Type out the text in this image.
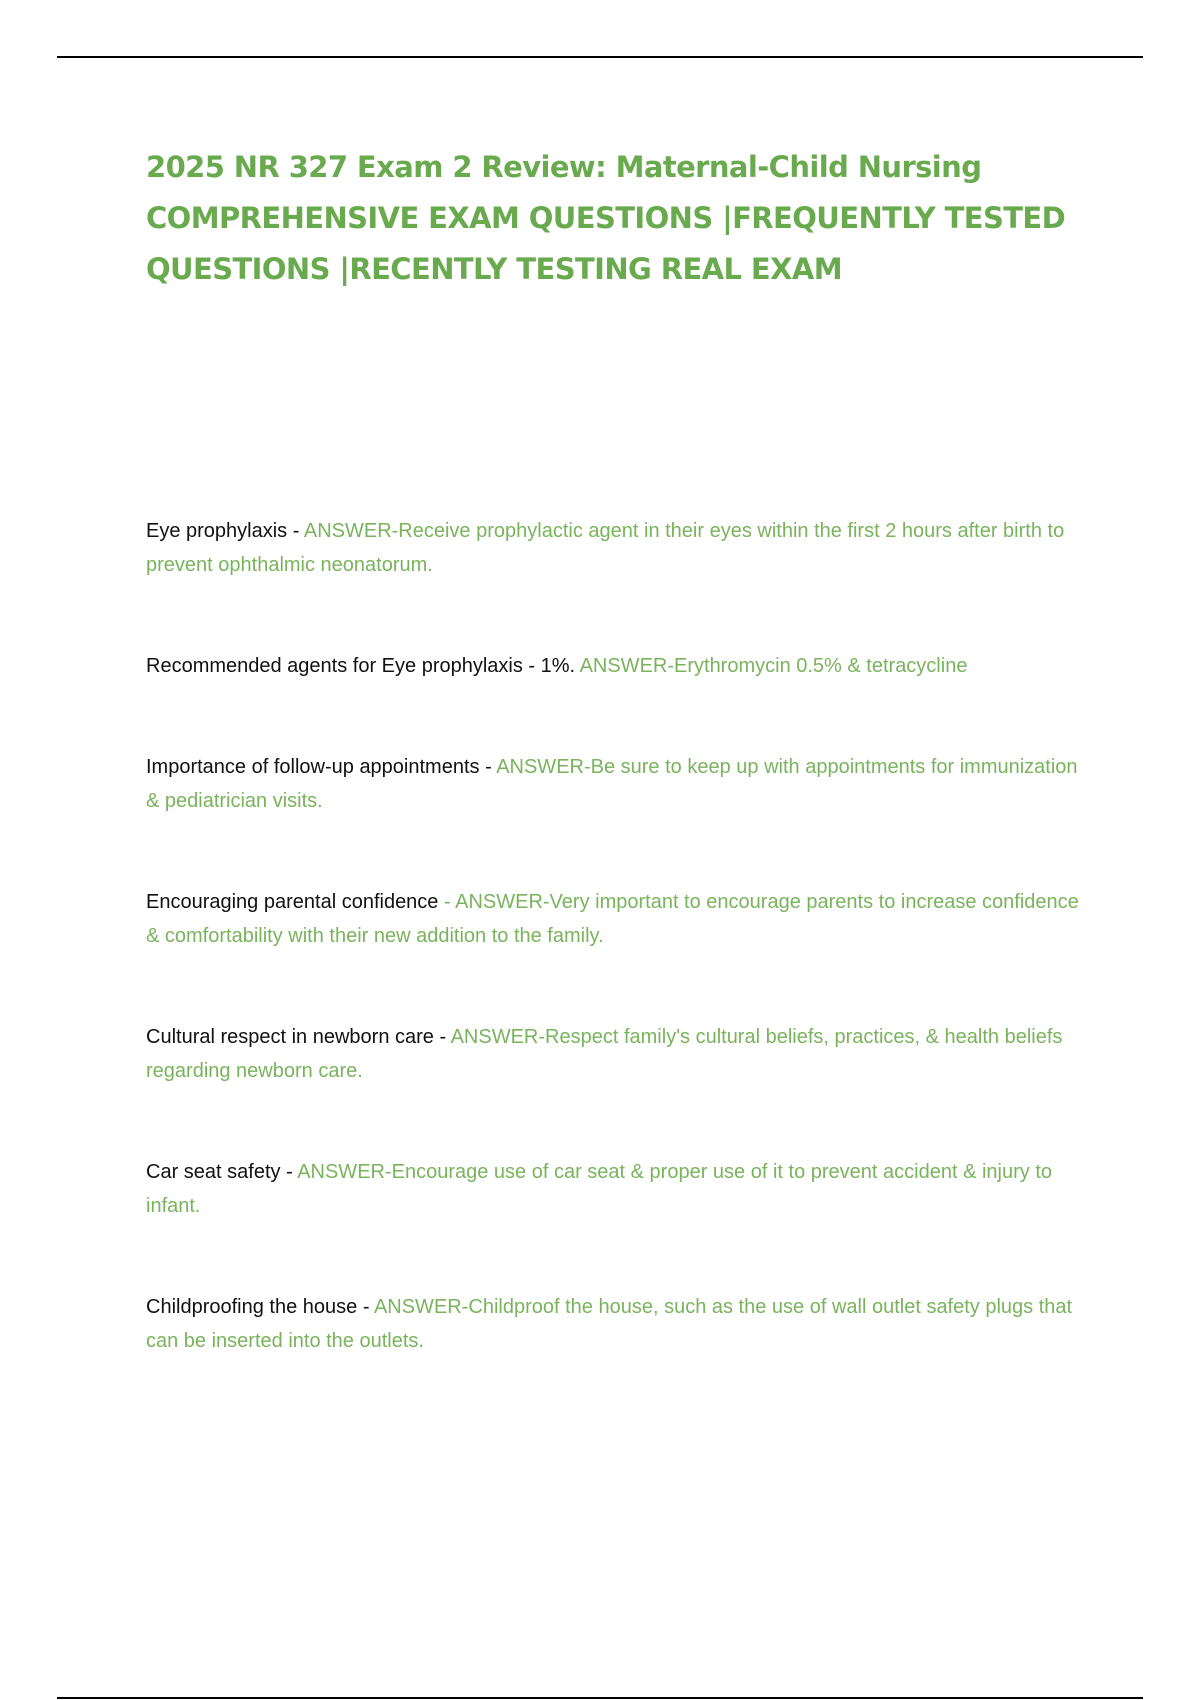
2025 NR 327 Exam 2 Review: Maternal-Child Nursing
COMPREHENSIVE EXAM QUESTIONS |FREQUENTLY TESTED
QUESTIONS |RECENTLY TESTING REAL EXAM
Eye prophylaxis - ANSWER-Receive prophylactic agent in their eyes within the first 2 hours after birth to prevent ophthalmic neonatorum.
Recommended agents for Eye prophylaxis - 1%. ANSWER-Erythromycin 0.5% & tetracycline
Importance of follow-up appointments - ANSWER-Be sure to keep up with appointments for immunization & pediatrician visits.
Encouraging parental confidence - ANSWER-Very important to encourage parents to increase confidence & comfortability with their new addition to the family.
Cultural respect in newborn care - ANSWER-Respect family's cultural beliefs, practices, & health beliefs regarding newborn care.
Car seat safety - ANSWER-Encourage use of car seat & proper use of it to prevent accident & injury to infant.
Childproofing the house - ANSWER-Childproof the house, such as the use of wall outlet safety plugs that can be inserted into the outlets.
